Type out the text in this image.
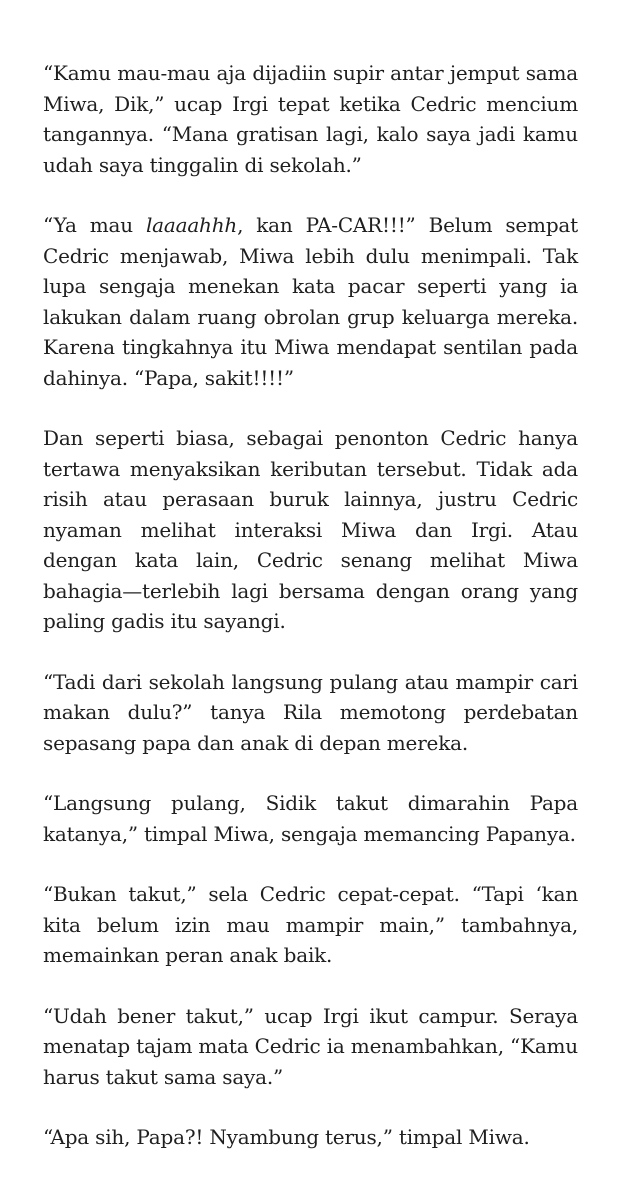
“Kamu mau-mau aja dijadiin supir antar jemput sama Miwa, Dik,” ucap Irgi tepat ketika Cedric mencium tangannya. “Mana gratisan lagi, kalo saya jadi kamu udah saya tinggalin di sekolah.”

“Ya mau laaaahhh, kan PA-CAR!!!” Belum sempat Cedric menjawab, Miwa lebih dulu menimpali. Tak lupa sengaja menekan kata pacar seperti yang ia lakukan dalam ruang obrolan grup keluarga mereka. Karena tingkahnya itu Miwa mendapat sentilan pada dahinya. “Papa, sakit!!!!”

Dan seperti biasa, sebagai penonton Cedric hanya tertawa menyaksikan keributan tersebut. Tidak ada risih atau perasaan buruk lainnya, justru Cedric nyaman melihat interaksi Miwa dan Irgi. Atau dengan kata lain, Cedric senang melihat Miwa bahagia—terlebih lagi bersama dengan orang yang paling gadis itu sayangi.

“Tadi dari sekolah langsung pulang atau mampir cari makan dulu?” tanya Rila memotong perdebatan sepasang papa dan anak di depan mereka.

“Langsung pulang, Sidik takut dimarahin Papa katanya,” timpal Miwa, sengaja memancing Papanya.

“Bukan takut,” sela Cedric cepat-cepat. “Tapi ‘kan kita belum izin mau mampir main,” tambahnya, memainkan peran anak baik.

“Udah bener takut,” ucap Irgi ikut campur. Seraya menatap tajam mata Cedric ia menambahkan, “Kamu harus takut sama saya.”

“Apa sih, Papa?! Nyambung terus,” timpal Miwa.
